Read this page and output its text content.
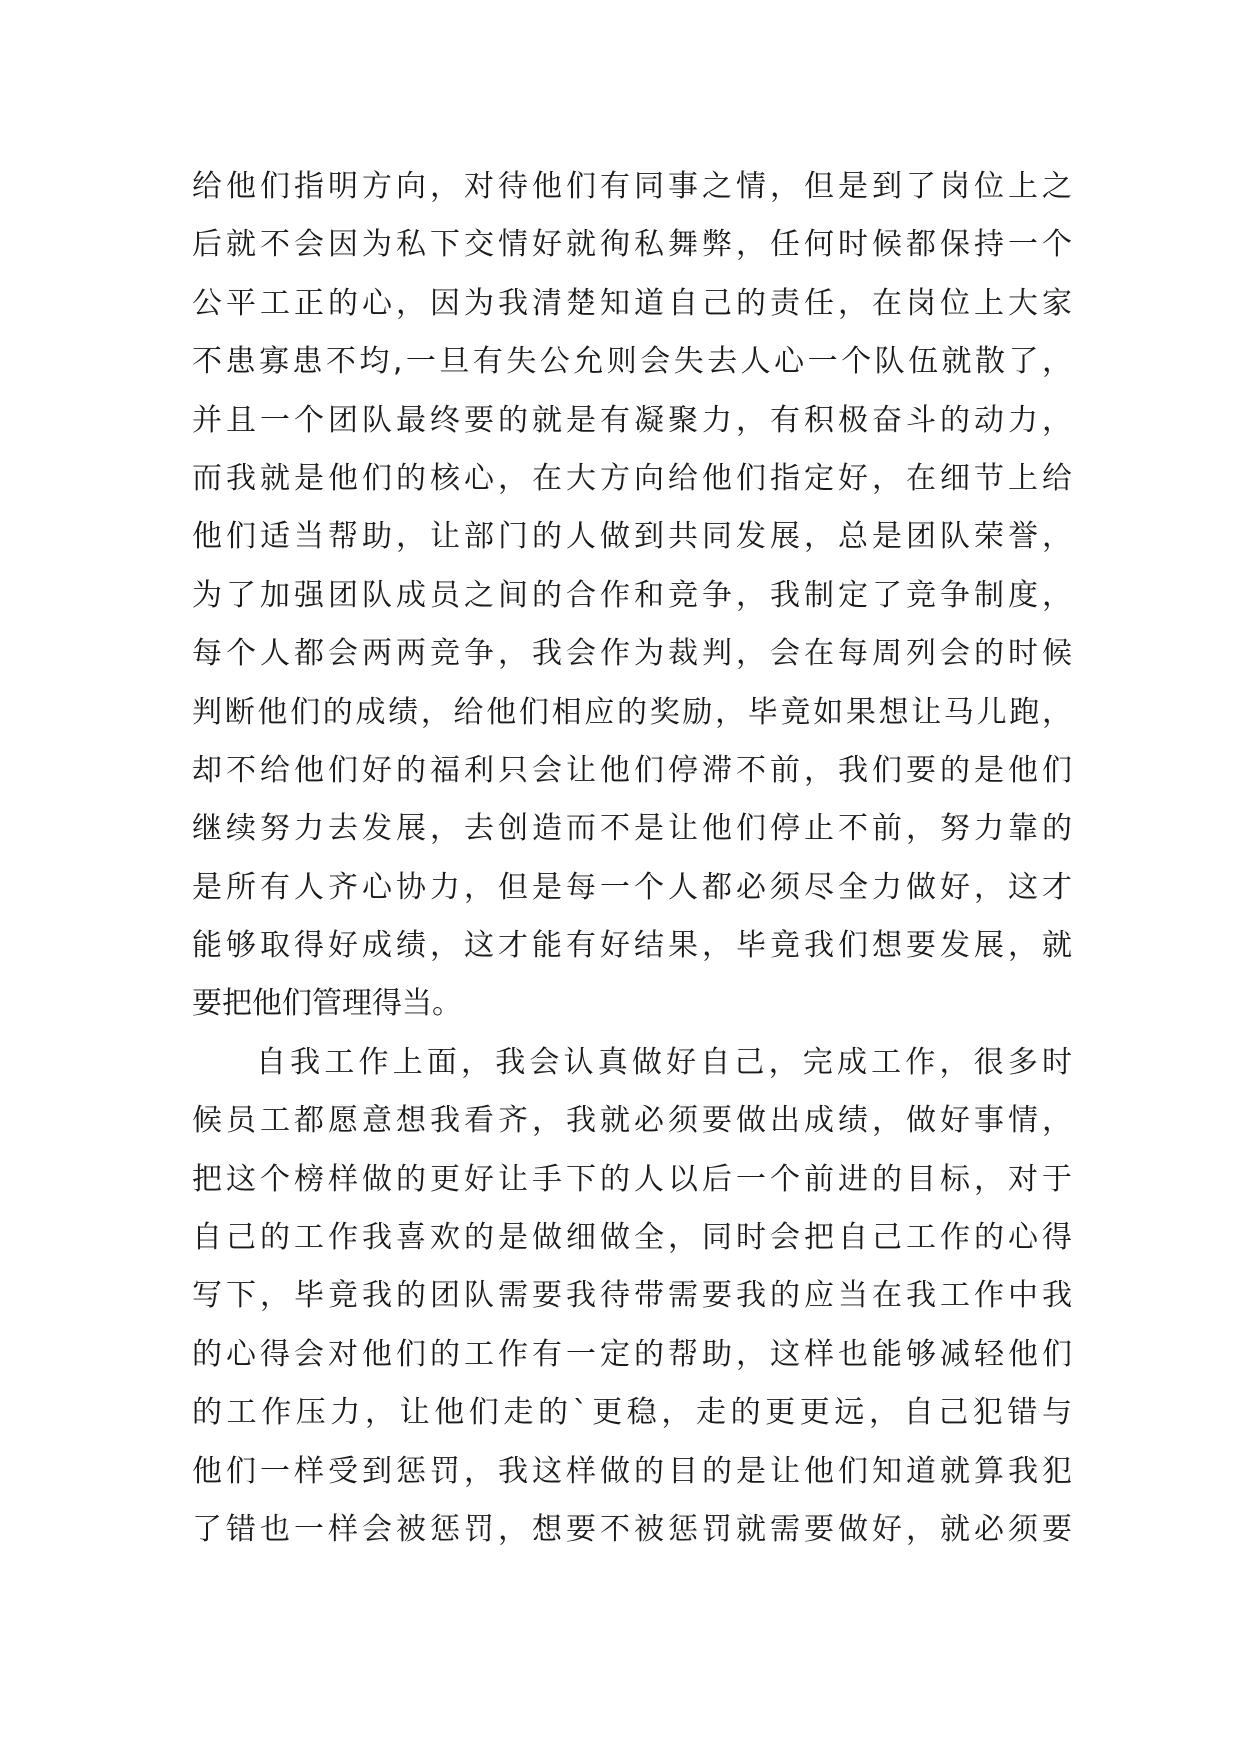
给他们指明方向，对待他们有同事之情，但是到了岗位上之
后就不会因为私下交情好就徇私舞弊，任何时候都保持一个
公平工正的心，因为我清楚知道自己的责任，在岗位上大家
不患寡患不均,一旦有失公允则会失去人心一个队伍就散了，
并且一个团队最终要的就是有凝聚力，有积极奋斗的动力，
而我就是他们的核心，在大方向给他们指定好，在细节上给
他们适当帮助，让部门的人做到共同发展，总是团队荣誉，
为了加强团队成员之间的合作和竞争，我制定了竞争制度，
每个人都会两两竞争，我会作为裁判，会在每周列会的时候
判断他们的成绩，给他们相应的奖励，毕竟如果想让马儿跑，
却不给他们好的福利只会让他们停滞不前，我们要的是他们
继续努力去发展，去创造而不是让他们停止不前，努力靠的
是所有人齐心协力，但是每一个人都必须尽全力做好，这才
能够取得好成绩，这才能有好结果，毕竟我们想要发展，就
要把他们管理得当。
自我工作上面，我会认真做好自己，完成工作，很多时
候员工都愿意想我看齐，我就必须要做出成绩，做好事情，
把这个榜样做的更好让手下的人以后一个前进的目标，对于
自己的工作我喜欢的是做细做全，同时会把自己工作的心得
写下，毕竟我的团队需要我待带需要我的应当在我工作中我
的心得会对他们的工作有一定的帮助，这样也能够减轻他们
的工作压力，让他们走的`更稳，走的更更远，自己犯错与
他们一样受到惩罚，我这样做的目的是让他们知道就算我犯
了错也一样会被惩罚，想要不被惩罚就需要做好，就必须要
